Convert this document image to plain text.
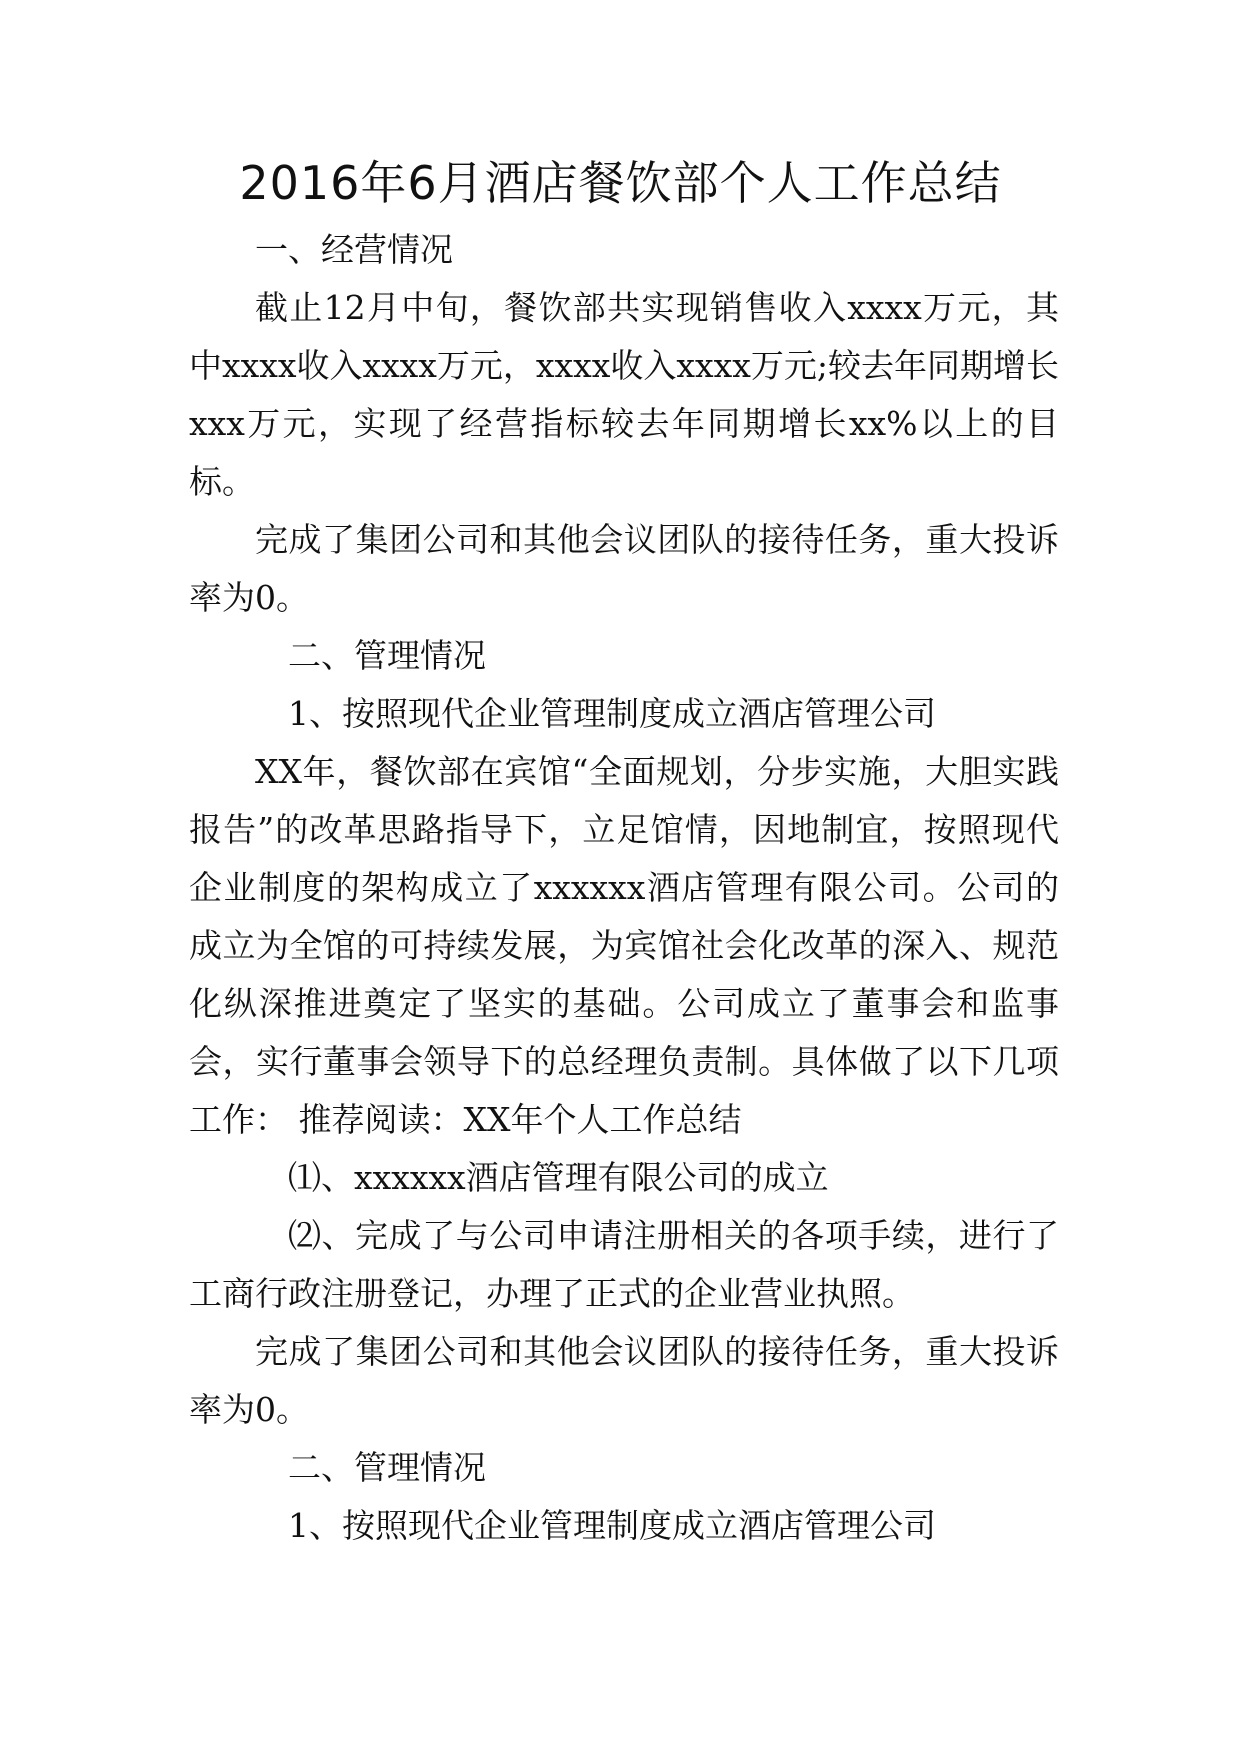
2016年6月酒店餐饮部个人工作总结

一、经营情况

截止12月中旬，餐饮部共实现销售收入xxxx万元，其中xxxx收入xxxx万元，xxxx收入xxxx万元;较去年同期增长xxx万元，实现了经营指标较去年同期增长xx%以上的目标。

完成了集团公司和其他会议团队的接待任务，重大投诉率为0。

二、管理情况

1、按照现代企业管理制度成立酒店管理公司

XX年，餐饮部在宾馆“全面规划，分步实施，大胆实践报告”的改革思路指导下，立足馆情，因地制宜，按照现代企业制度的架构成立了xxxxxx酒店管理有限公司。公司的成立为全馆的可持续发展，为宾馆社会化改革的深入、规范化纵深推进奠定了坚实的基础。公司成立了董事会和监事会，实行董事会领导下的总经理负责制。具体做了以下几项工作： 推荐阅读：XX年个人工作总结

⑴、xxxxxx酒店管理有限公司的成立

⑵、完成了与公司申请注册相关的各项手续，进行了工商行政注册登记，办理了正式的企业营业执照。

完成了集团公司和其他会议团队的接待任务，重大投诉率为0。

二、管理情况

1、按照现代企业管理制度成立酒店管理公司
